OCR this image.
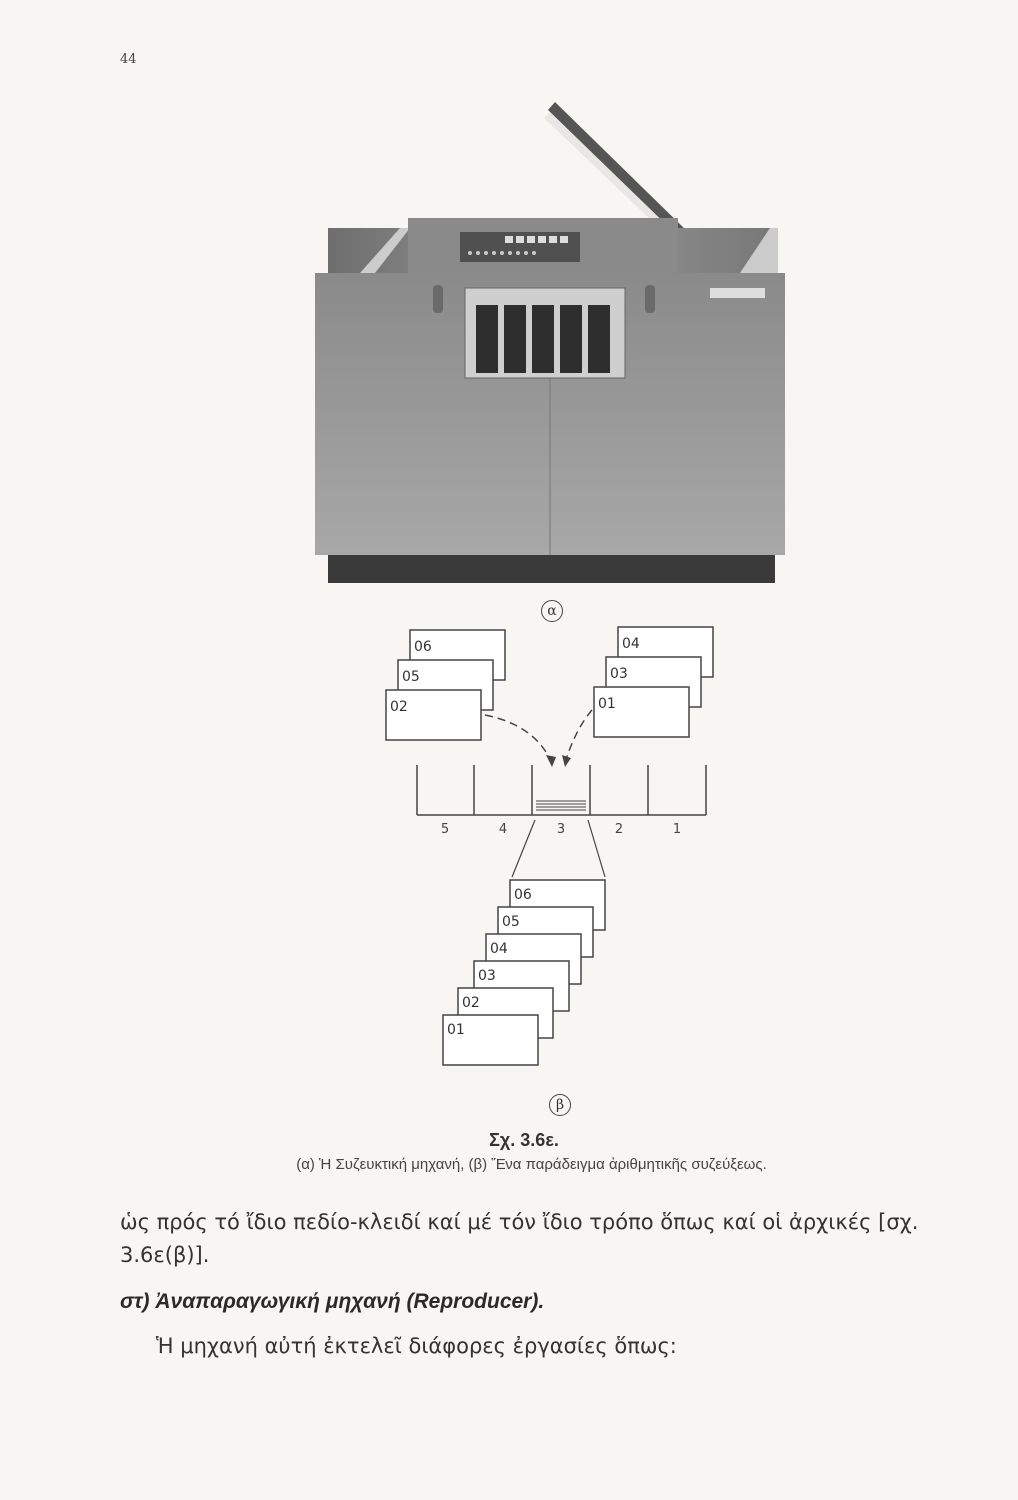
44
α
06
05
02
04
03
01
5	4	3	2	1
06
05
04
03
02
01
β
Σχ. 3.6ε.
(α) Ἡ Συζευκτική μηχανή, (β) Ἕνα παράδειγμα ἀριθμητικῆς συζεύξεως.
ὡς πρός τό ἴδιο πεδίο-κλειδί καί μέ τόν ἴδιο τρόπο ὅπως καί οἱ ἀρχικές [σχ. 3.6ε(β)].
στ) Ἀναπαραγωγική μηχανή (Reproducer).
Ἡ μηχανή αὐτή ἐκτελεῖ διάφορες ἐργασίες ὅπως:
